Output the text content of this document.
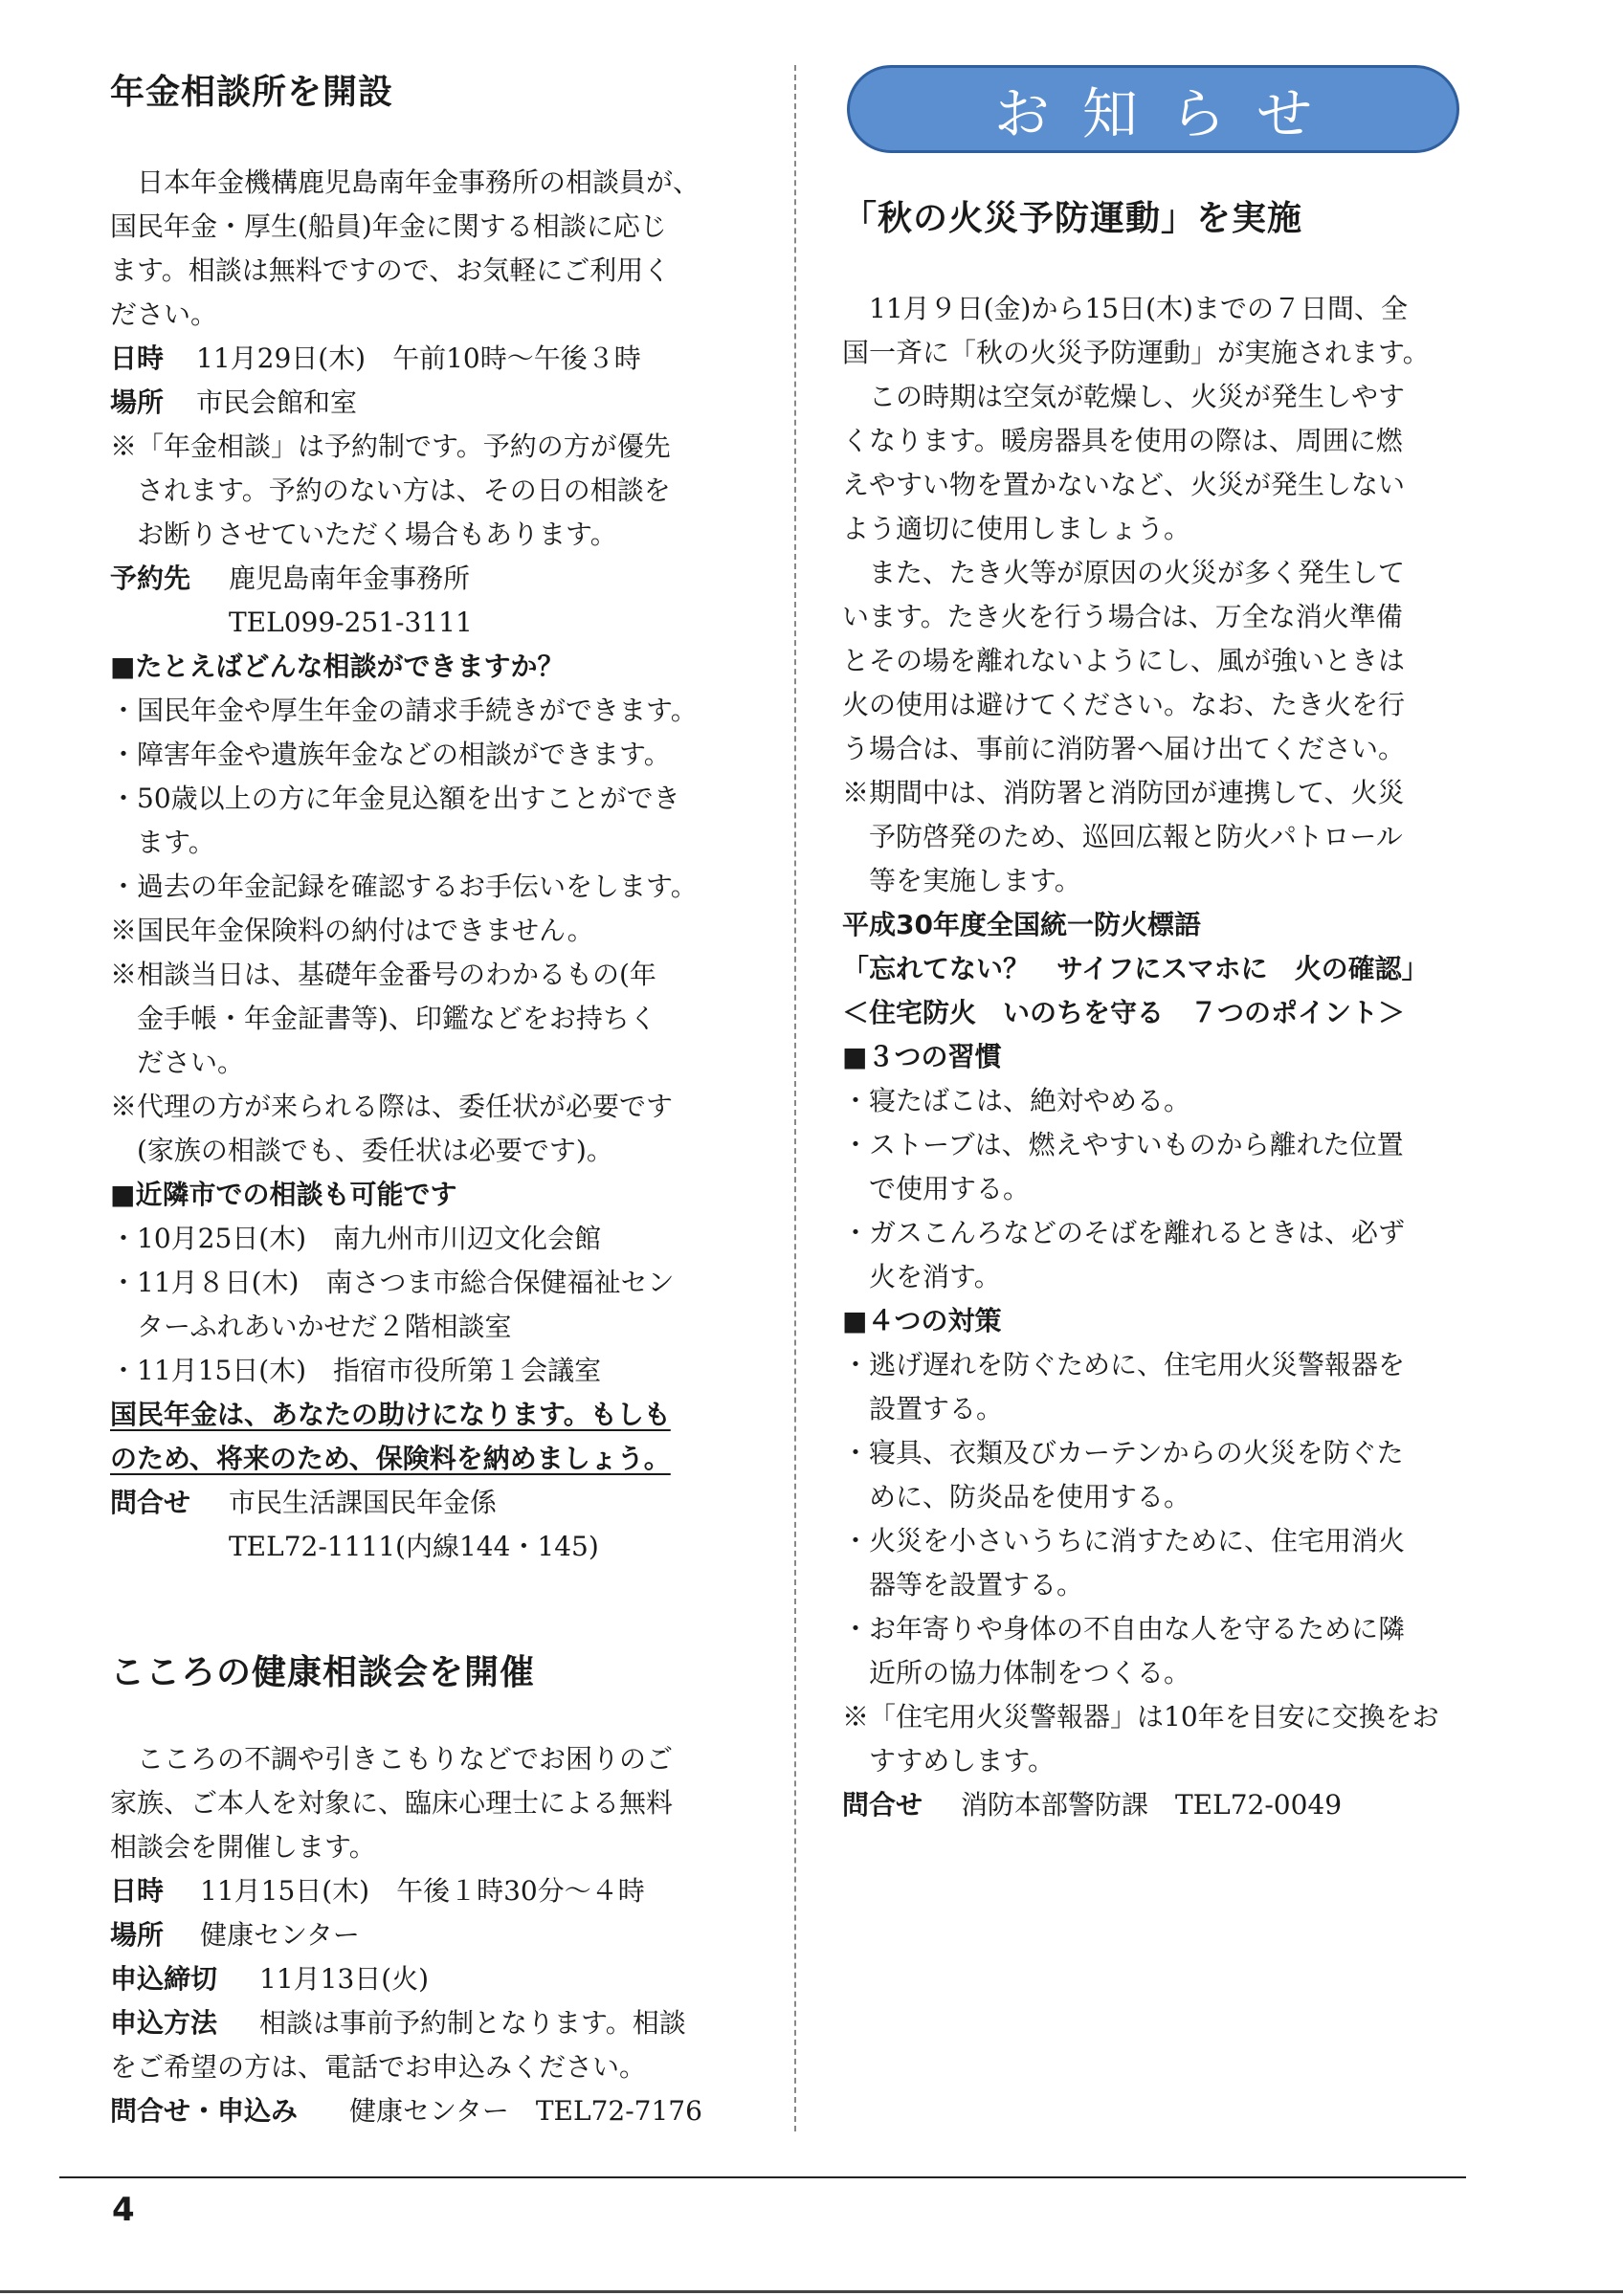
年金相談所を開設
　日本年金機構鹿児島南年金事務所の相談員が、
国民年金・厚生(船員)年金に関する相談に応じ
ます。相談は無料ですので、お気軽にご利用く
ださい。
日時 11月29日(木)　午前10時～午後３時
場所 市民会館和室
※「年金相談」は予約制です。予約の方が優先
　されます。予約のない方は、その日の相談を
　お断りさせていただく場合もあります。
予約先 鹿児島南年金事務所
TEL099-251-3111
■たとえばどんな相談ができますか？
・国民年金や厚生年金の請求手続きができます。
・障害年金や遺族年金などの相談ができます。
・50歳以上の方に年金見込額を出すことができ
　ます。
・過去の年金記録を確認するお手伝いをします。
※国民年金保険料の納付はできません。
※相談当日は、基礎年金番号のわかるもの(年
　金手帳・年金証書等)、印鑑などをお持ちく
　ださい。
※代理の方が来られる際は、委任状が必要です
　(家族の相談でも、委任状は必要です)。
■近隣市での相談も可能です
・10月25日(木)　南九州市川辺文化会館
・11月８日(木)　南さつま市総合保健福祉セン
　ターふれあいかせだ２階相談室
・11月15日(木)　指宿市役所第１会議室
国民年金は、あなたの助けになります。もしも
のため、将来のため、保険料を納めましょう。
問合せ 市民生活課国民年金係
TEL72-1111(内線144・145)
こころの健康相談会を開催
　こころの不調や引きこもりなどでお困りのご
家族、ご本人を対象に、臨床心理士による無料
相談会を開催します。
日時 11月15日(木)　午後１時30分～４時
場所 健康センター
申込締切 11月13日(火)
申込方法 相談は事前予約制となります。相談
をご希望の方は、電話でお申込みください。
問合せ・申込み 健康センター　TEL72-7176
お知らせ
「秋の火災予防運動」を実施
　11月９日(金)から15日(木)までの７日間、全
国一斉に「秋の火災予防運動」が実施されます。
　この時期は空気が乾燥し、火災が発生しやす
くなります。暖房器具を使用の際は、周囲に燃
えやすい物を置かないなど、火災が発生しない
よう適切に使用しましょう。
　また、たき火等が原因の火災が多く発生して
います。たき火を行う場合は、万全な消火準備
とその場を離れないようにし、風が強いときは
火の使用は避けてください。なお、たき火を行
う場合は、事前に消防署へ届け出てください。
※期間中は、消防署と消防団が連携して、火災
　予防啓発のため、巡回広報と防火パトロール
　等を実施します。
平成30年度全国統一防火標語
「忘れてない？　サイフにスマホに　火の確認」
＜住宅防火　いのちを守る　７つのポイント＞
■３つの習慣
・寝たばこは、絶対やめる。
・ストーブは、燃えやすいものから離れた位置
　で使用する。
・ガスこんろなどのそばを離れるときは、必ず
　火を消す。
■４つの対策
・逃げ遅れを防ぐために、住宅用火災警報器を
　設置する。
・寝具、衣類及びカーテンからの火災を防ぐた
　めに、防炎品を使用する。
・火災を小さいうちに消すために、住宅用消火
　器等を設置する。
・お年寄りや身体の不自由な人を守るために隣
　近所の協力体制をつくる。
※「住宅用火災警報器」は10年を目安に交換をお
　すすめします。
問合せ 消防本部警防課　TEL72-0049
4
